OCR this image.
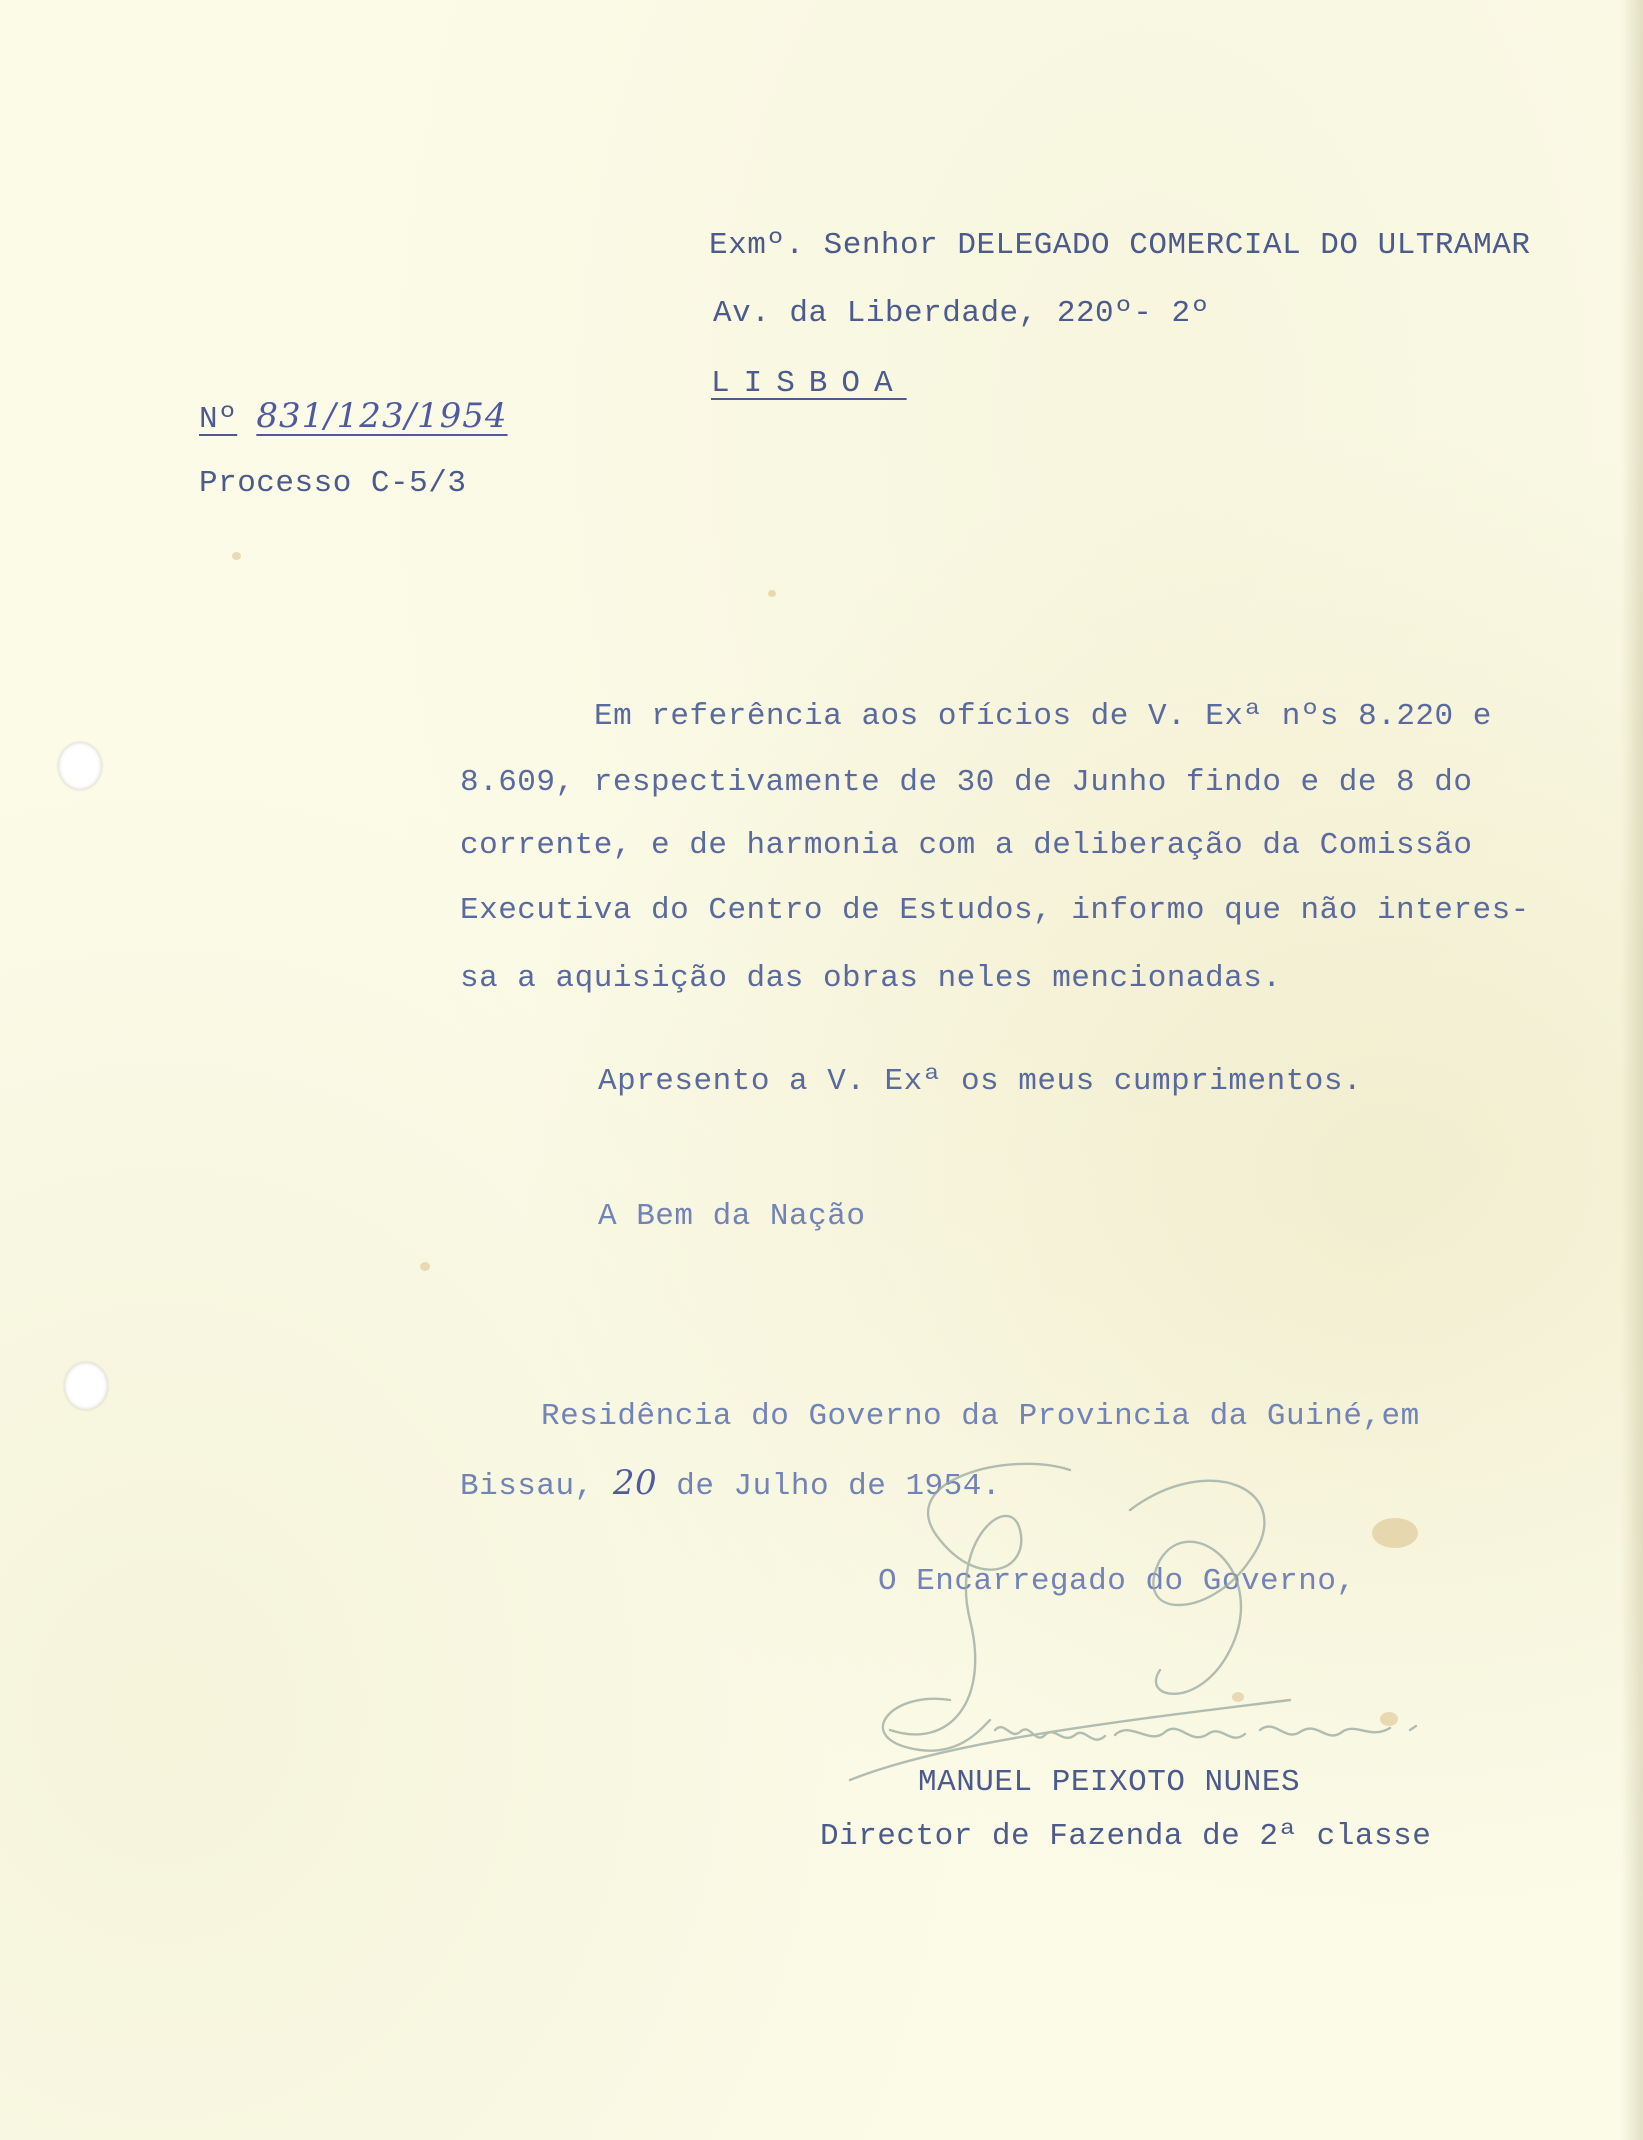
Exmº. Senhor DELEGADO COMERCIAL DO ULTRAMAR
Av. da Liberdade, 220º- 2º
LISBOA
Nº 831/123/1954
Processo C-5/3
Em referência aos ofícios de V. Exª nºs 8.220 e
8.609, respectivamente de 30 de Junho findo e de 8 do
corrente, e de harmonia com a deliberação da Comissão
Executiva do Centro de Estudos, informo que não interes-
sa a aquisição das obras neles mencionadas.
Apresento a V. Exª os meus cumprimentos.
A Bem da Nação
Residência do Governo da Provincia da Guiné,em
Bissau, 20 de Julho de 1954.
O Encarregado do Governo,
MANUEL PEIXOTO NUNES
Director de Fazenda de 2ª classe
